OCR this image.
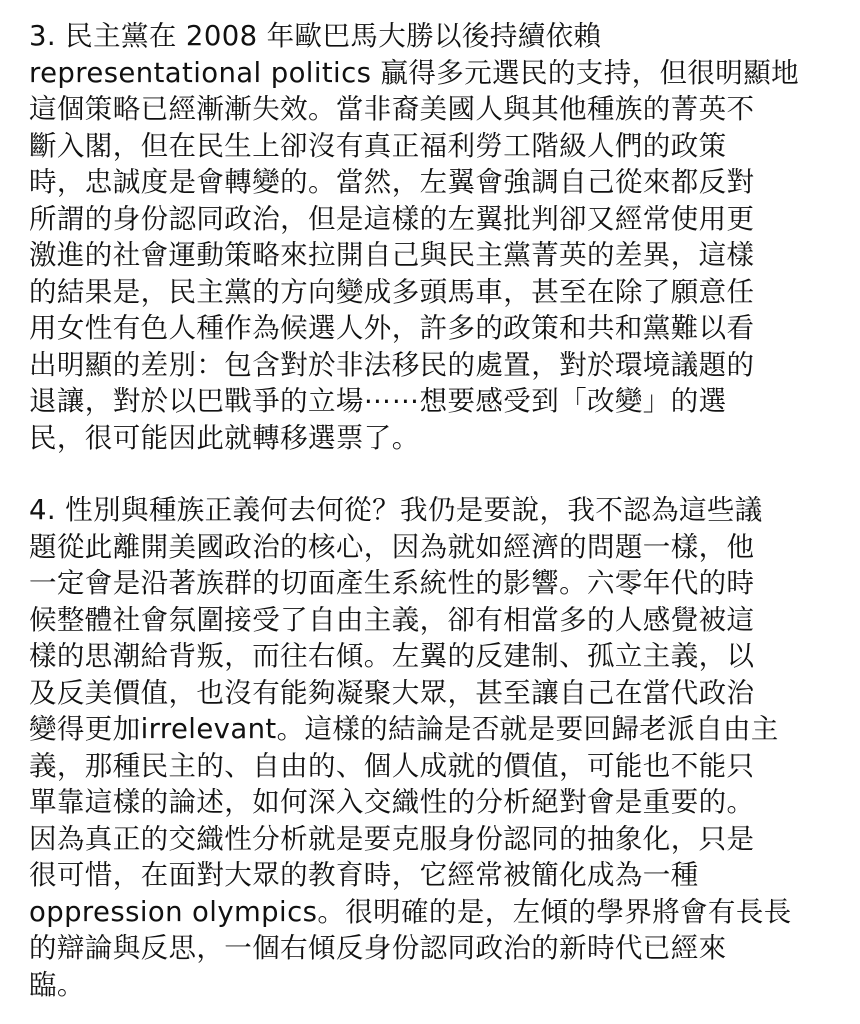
3. 民主黨在 2008 年歐巴馬大勝以後持續依賴
representational politics 贏得多元選民的支持，但很明顯地
這個策略已經漸漸失效。當非裔美國人與其他種族的菁英不
斷入閣，但在民生上卻沒有真正福利勞工階級人們的政策
時，忠誠度是會轉變的。當然，左翼會強調自己從來都反對
所謂的身份認同政治，但是這樣的左翼批判卻又經常使用更
激進的社會運動策略來拉開自己與民主黨菁英的差異，這樣
的結果是，民主黨的方向變成多頭馬車，甚至在除了願意任
用女性有色人種作為候選人外，許多的政策和共和黨難以看
出明顯的差別：包含對於非法移民的處置，對於環境議題的
退讓，對於以巴戰爭的立場⋯⋯想要感受到「改變」的選
民，很可能因此就轉移選票了。

4. 性別與種族正義何去何從？我仍是要說，我不認為這些議
題從此離開美國政治的核心，因為就如經濟的問題一樣，他
一定會是沿著族群的切面產生系統性的影響。六零年代的時
候整體社會氛圍接受了自由主義，卻有相當多的人感覺被這
樣的思潮給背叛，而往右傾。左翼的反建制、孤立主義，以
及反美價值，也沒有能夠凝聚大眾，甚至讓自己在當代政治
變得更加irrelevant。這樣的結論是否就是要回歸老派自由主
義，那種民主的、自由的、個人成就的價值，可能也不能只
單靠這樣的論述，如何深入交織性的分析絕對會是重要的。
因為真正的交織性分析就是要克服身份認同的抽象化，只是
很可惜，在面對大眾的教育時，它經常被簡化成為一種
oppression olympics。很明確的是，左傾的學界將會有長長
的辯論與反思，一個右傾反身份認同政治的新時代已經來
臨。
